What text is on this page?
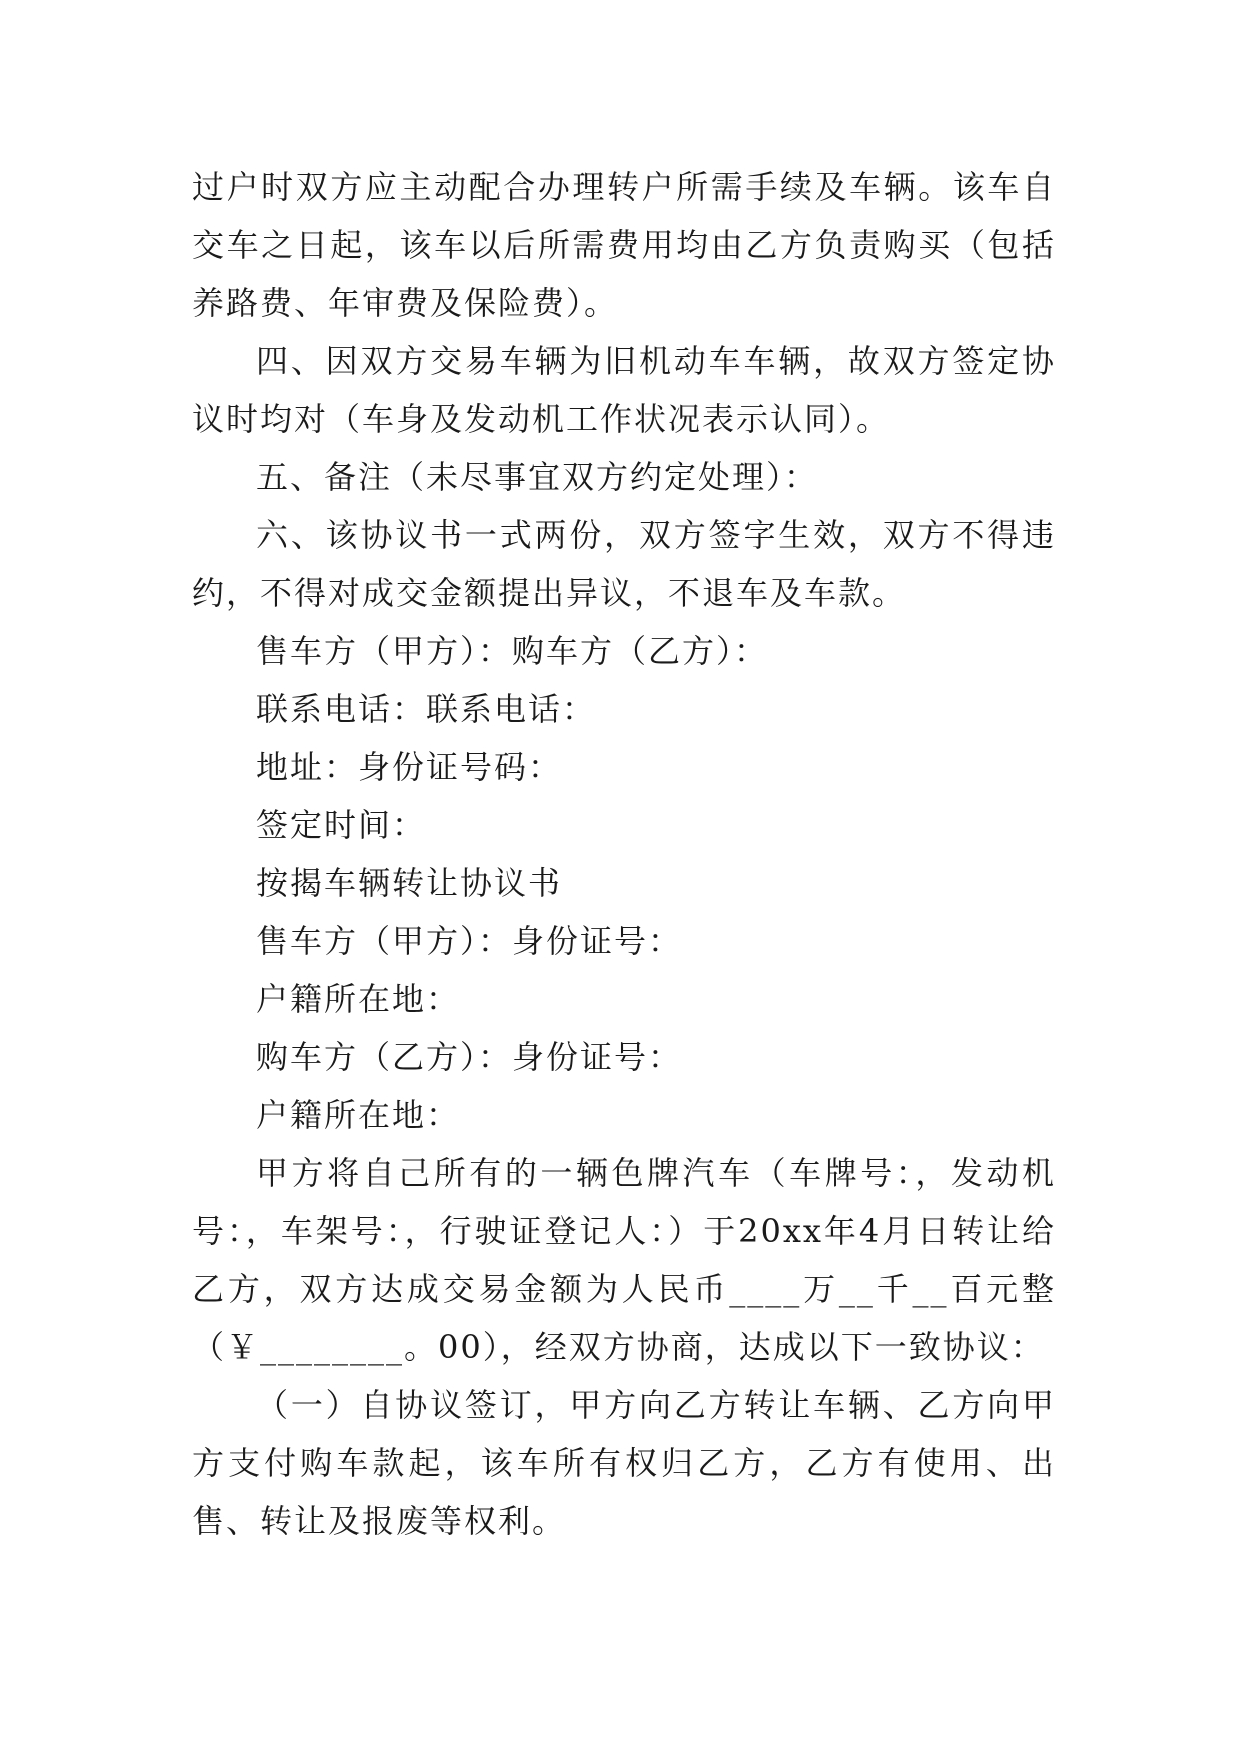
过户时双方应主动配合办理转户所需手续及车辆。该车自交车之日起，该车以后所需费用均由乙方负责购买（包括养路费、年审费及保险费）。

四、因双方交易车辆为旧机动车车辆，故双方签定协议时均对（车身及发动机工作状况表示认同）。

五、备注（未尽事宜双方约定处理）：

六、该协议书一式两份，双方签字生效，双方不得违约，不得对成交金额提出异议，不退车及车款。

售车方（甲方）：购车方（乙方）：

联系电话：联系电话：

地址：身份证号码：

签定时间：

按揭车辆转让协议书

售车方（甲方）：身份证号：

户籍所在地：

购车方（乙方）：身份证号：

户籍所在地：

甲方将自己所有的一辆色牌汽车（车牌号：，发动机号：，车架号：，行驶证登记人：）于20xx年4月日转让给乙方，双方达成交易金额为人民币____万__千__百元整（￥________。00），经双方协商，达成以下一致协议：

（一）自协议签订，甲方向乙方转让车辆、乙方向甲方支付购车款起，该车所有权归乙方，乙方有使用、出售、转让及报废等权利。
